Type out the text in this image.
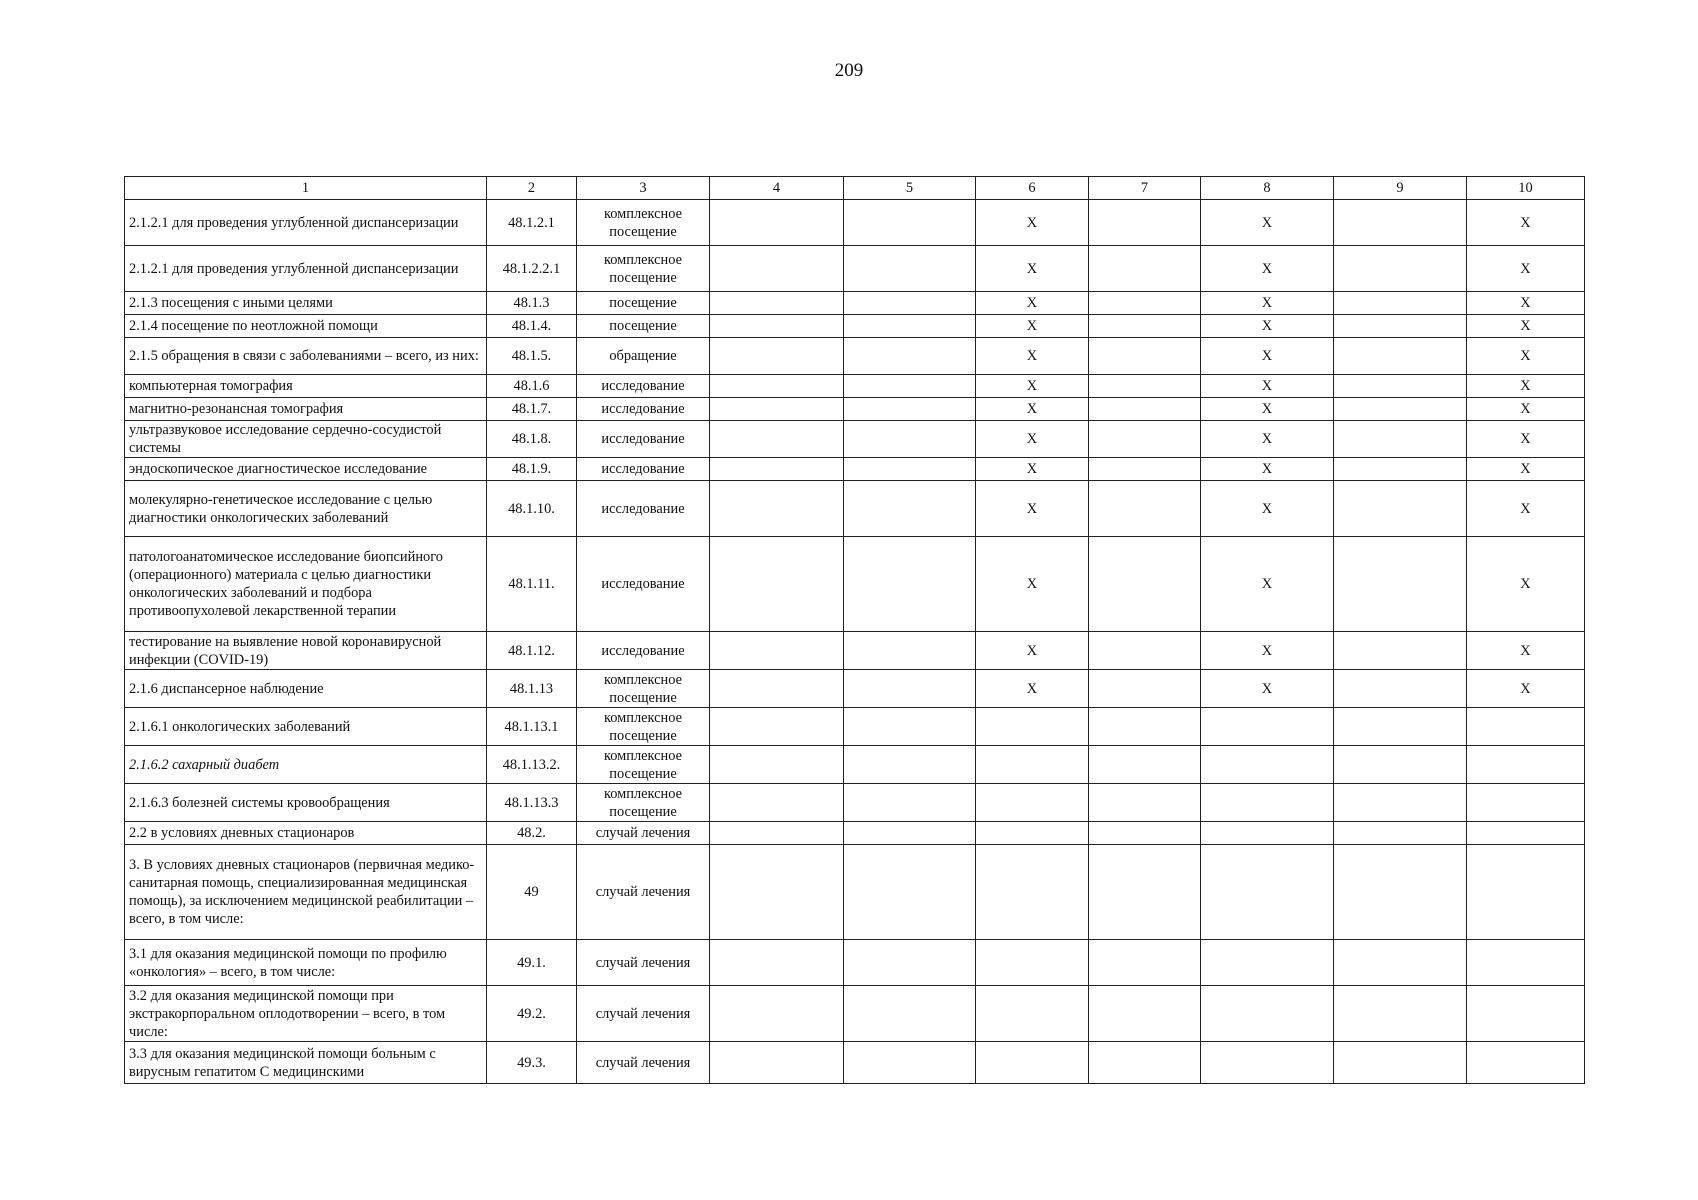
209
1	2	3	4	5	6	7	8	9	10
2.1.2.1 для проведения углубленной диспансеризации	48.1.2.1	комплексное посещение			X		X		X
2.1.2.1 для проведения углубленной диспансеризации	48.1.2.2.1	комплексное посещение			X		X		X
2.1.3 посещения с иными целями	48.1.3	посещение			X		X		X
2.1.4 посещение по неотложной помощи	48.1.4.	посещение			X		X		X
2.1.5 обращения в связи с заболеваниями – всего, из них:	48.1.5.	обращение			X		X		X
компьютерная томография	48.1.6	исследование			X		X		X
магнитно-резонансная томография	48.1.7.	исследование			X		X		X
ультразвуковое исследование сердечно-сосудистой системы	48.1.8.	исследование			X		X		X
эндоскопическое диагностическое исследование	48.1.9.	исследование			X		X		X
молекулярно-генетическое исследование с целью диагностики онкологических заболеваний	48.1.10.	исследование			X		X		X
патологоанатомическое исследование биопсийного (операционного) материала с целью диагностики онкологических заболеваний и подбора противоопухолевой лекарственной терапии	48.1.11.	исследование			X		X		X
тестирование на выявление новой коронавирусной инфекции (COVID-19)	48.1.12.	исследование			X		X		X
2.1.6 диспансерное наблюдение	48.1.13	комплексное посещение			X		X		X
2.1.6.1 онкологических заболеваний	48.1.13.1	комплексное посещение							
2.1.6.2 сахарный диабет	48.1.13.2.	комплексное посещение							
2.1.6.3 болезней системы кровообращения	48.1.13.3	комплексное посещение							
2.2 в условиях дневных стационаров	48.2.	случай лечения							
3. В условиях дневных стационаров (первичная медико-санитарная помощь, специализированная медицинская помощь), за исключением медицинской реабилитации – всего, в том числе:	49	случай лечения							
3.1 для оказания медицинской помощи по профилю «онкология» – всего, в том числе:	49.1.	случай лечения							
3.2 для оказания медицинской помощи при экстракорпоральном оплодотворении – всего, в том числе:	49.2.	случай лечения							
3.3 для оказания медицинской помощи больным с вирусным гепатитом С медицинскими	49.3.	случай лечения							
